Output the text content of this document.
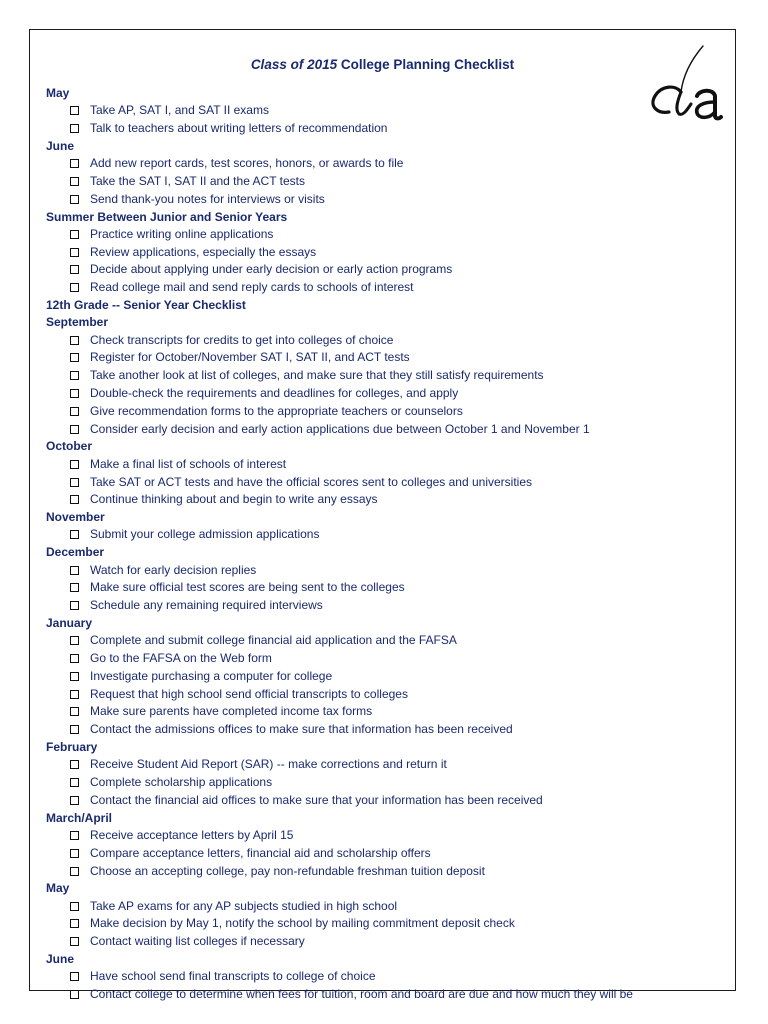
Class of 2015 College Planning Checklist
May
Take AP, SAT I, and SAT II exams
Talk to teachers about writing letters of recommendation
June
Add new report cards, test scores, honors, or awards to file
Take the SAT I, SAT II and the ACT tests
Send thank-you notes for interviews or visits
Summer Between Junior and Senior Years
Practice writing online applications
Review applications, especially the essays
Decide about applying under early decision or early action programs
Read college mail and send reply cards to schools of interest
12th Grade -- Senior Year Checklist
September
Check transcripts for credits to get into colleges of choice
Register for October/November SAT I, SAT II, and ACT tests
Take another look at list of colleges, and make sure that they still satisfy requirements
Double-check the requirements and deadlines for colleges, and apply
Give recommendation forms to the appropriate teachers or counselors
Consider early decision and early action applications due between October 1 and November 1
October
Make a final list of schools of interest
Take SAT or ACT tests and have the official scores sent to colleges and universities
Continue thinking about and begin to write any essays
November
Submit your college admission applications
December
Watch for early decision replies
Make sure official test scores are being sent to the colleges
Schedule any remaining required interviews
January
Complete and submit college financial aid application and the FAFSA
Go to the FAFSA on the Web form
Investigate purchasing a computer for college
Request that high school send official transcripts to colleges
Make sure parents have completed income tax forms
Contact the admissions offices to make sure that information has been received
February
Receive Student Aid Report (SAR) -- make corrections and return it
Complete scholarship applications
Contact the financial aid offices to make sure that your information has been received
March/April
Receive acceptance letters by April 15
Compare acceptance letters, financial aid and scholarship offers
Choose an accepting college, pay non-refundable freshman tuition deposit
May
Take AP exams for any AP subjects studied in high school
Make decision by May 1, notify the school by mailing commitment deposit check
Contact waiting list colleges if necessary
June
Have school send final transcripts to college of choice
Contact college to determine when fees for tuition, room and board are due and how much they will be
